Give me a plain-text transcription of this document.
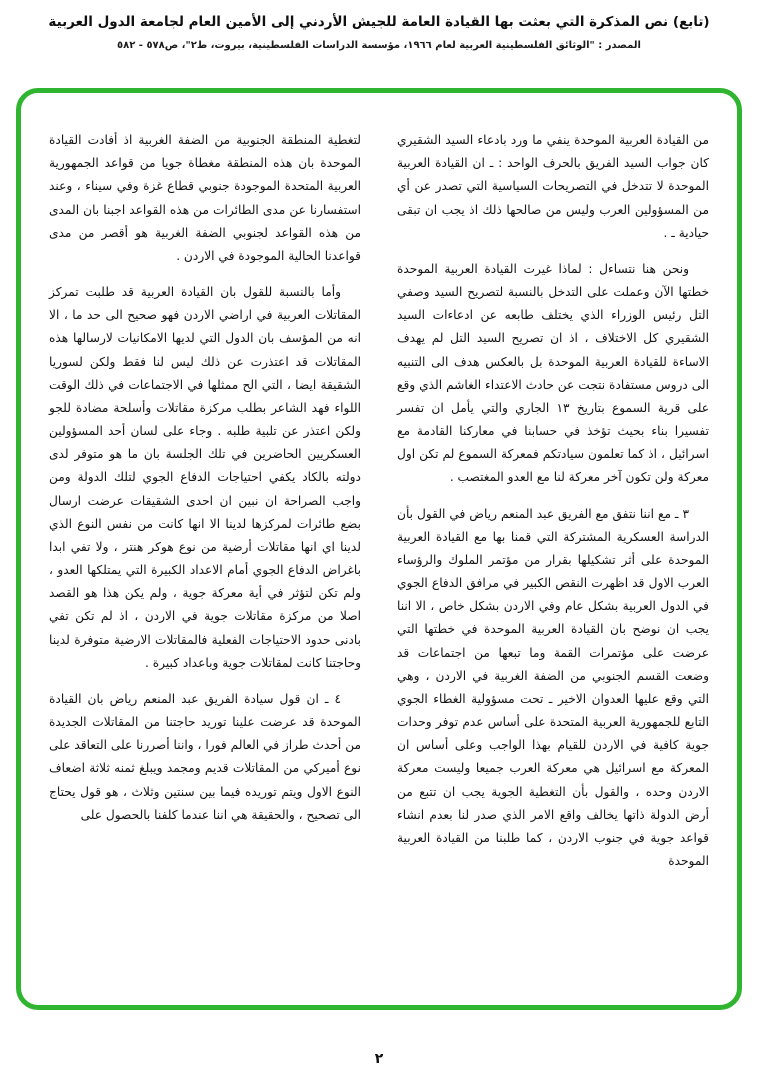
(تابع) نص المذكرة التي بعثت بها القيادة العامة للجيش الأردني إلى الأمين العام لجامعة الدول العربية
المصدر : "الوثائق الفلسطينية العربية لعام ١٩٦٦، مؤسسة الدراسات الفلسطينية، بيروت، ط٢"، ص٥٧٨ - ٥٨٢

من القيادة العربية الموحدة ينفي ما ورد بادعاء السيد الشقيري كان جواب السيد الفريق بالحرف الواحد : ـ ان القيادة العربية الموحدة لا تتدخل في التصريحات السياسية التي تصدر عن أي من المسؤولين العرب وليس من صالحها ذلك اذ يجب ان تبقى حيادية ـ .

ونحن هنا نتساءل : لماذا غيرت القيادة العربية الموحدة خطتها الآن وعملت على التدخل بالنسبة لتصريح السيد وصفي التل رئيس الوزراء الذي يختلف طابعه عن ادعاءات السيد الشقيري كل الاختلاف ، اذ ان تصريح السيد التل لم يهدف الاساءة للقيادة العربية الموحدة بل بالعكس هدف الى التنبيه الى دروس مستفادة نتجت عن حادث الاعتداء الغاشم الذي وقع على قرية السموع بتاريخ ١٣ الجاري والتي يأمل ان تفسر تفسيرا بناء بحيث تؤخذ في حسابنا في معاركنا القادمة مع اسرائيل ، اذ كما تعلمون سيادتكم فمعركة السموع لم تكن اول معركة ولن تكون آخر معركة لنا مع العدو المغتصب .

٣ ـ مع اننا نتفق مع الفريق عبد المنعم رياض في القول بأن الدراسة العسكرية المشتركة التي قمنا بها مع القيادة العربية الموحدة على أثر تشكيلها بقرار من مؤتمر الملوك والرؤساء العرب الاول قد اظهرت النقص الكبير في مرافق الدفاع الجوي في الدول العربية بشكل عام وفي الاردن بشكل خاص ، الا اننا يجب ان نوضح بان القيادة العربية الموحدة في خطتها التي عرضت على مؤتمرات القمة وما تبعها من اجتماعات قد وضعت القسم الجنوبي من الضفة الغربية في الاردن ، وهي التي وقع عليها العدوان الاخير ـ تحت مسؤولية الغطاء الجوي التابع للجمهورية العربية المتحدة على أساس عدم توفر وحدات جوية كافية في الاردن للقيام بهذا الواجب وعلى أساس ان المعركة مع اسرائيل هي معركة العرب جميعا وليست معركة الاردن وحده ، والقول بأن التغطية الجوية يجب ان تتبع من أرض الدولة ذاتها يخالف واقع الامر الذي صدر لنا بعدم انشاء قواعد جوية في جنوب الاردن ، كما طلبنا من القيادة العربية الموحدة

لتغطية المنطقة الجنوبية من الضفة الغربية اذ أفادت القيادة الموحدة بان هذه المنطقة مغطاة جويا من قواعد الجمهورية العربية المتحدة الموجودة جنوبي قطاع غزة وفي سيناء ، وعند استفسارنا عن مدى الطائرات من هذه القواعد اجبنا بان المدى من هذه القواعد لجنوبي الضفة الغربية هو أقصر من مدى قواعدنا الحالية الموجودة في الاردن .

وأما بالنسبة للقول بان القيادة العربية قد طلبت تمركز المقاتلات العربية في اراضي الاردن فهو صحيح الى حد ما ، الا انه من المؤسف بان الدول التي لديها الامكانيات لارسالها هذه المقاتلات قد اعتذرت عن ذلك ليس لنا فقط ولكن لسوريا الشقيقة ايضا ، التي الح ممثلها في الاجتماعات في ذلك الوقت اللواء فهد الشاعر بطلب مركزة مقاتلات وأسلحة مضادة للجو ولكن اعتذر عن تلبية طلبه . وجاء على لسان أحد المسؤولين العسكريين الحاضرين في تلك الجلسة بان ما هو متوفر لدى دولته بالكاد يكفي احتياجات الدفاع الجوي لتلك الدولة ومن واجب الصراحة ان نبين ان احدى الشقيقات عرضت ارسال بضع طائرات لمركزها لدينا الا انها كانت من نفس النوع الذي لدينا اي انها مقاتلات أرضية من نوع هوكر هنتر ، ولا تفي ابدا باغراض الدفاع الجوي أمام الاعداد الكبيرة التي يمتلكها العدو ، ولم تكن لتؤثر في أية معركة جوية ، ولم يكن هذا هو القصد اصلا من مركزة مقاتلات جوية في الاردن ، اذ لم تكن تفي بادنى حدود الاحتياجات الفعلية فالمقاتلات الارضية متوفرة لدينا وحاجتنا كانت لمقاتلات جوية وباعداد كبيرة .

٤ ـ ان قول سيادة الفريق عبد المنعم رياض بان القيادة الموحدة قد عرضت علينا توريد حاجتنا من المقاتلات الجديدة من أحدث طراز في العالم فورا ، واننا أصررنا على التعاقد على نوع أميركي من المقاتلات قديم ومجمد ويبلغ ثمنه ثلاثة اضعاف النوع الاول ويتم توريده فيما بين سنتين وثلاث ، هو قول يحتاج الى تصحيح ، والحقيقة هي اننا عندما كلفنا بالحصول على

٢
